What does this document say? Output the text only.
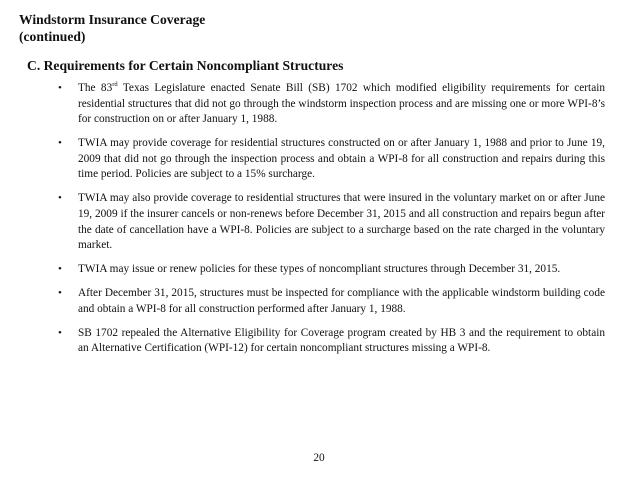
Windstorm Insurance Coverage
(continued)
C. Requirements for Certain Noncompliant Structures
• The 83rd Texas Legislature enacted Senate Bill (SB) 1702 which modified eligibility requirements for certain residential structures that did not go through the windstorm inspection process and are missing one or more WPI-8’s for construction on or after January 1, 1988.
• TWIA may provide coverage for residential structures constructed on or after January 1, 1988 and prior to June 19, 2009 that did not go through the inspection process and obtain a WPI-8 for all construction and repairs during this time period. Policies are subject to a 15% surcharge.
• TWIA may also provide coverage to residential structures that were insured in the voluntary market on or after June 19, 2009 if the insurer cancels or non-renews before December 31, 2015 and all construction and repairs begun after the date of cancellation have a WPI-8. Policies are subject to a surcharge based on the rate charged in the voluntary market.
• TWIA may issue or renew policies for these types of noncompliant structures through December 31, 2015.
• After December 31, 2015, structures must be inspected for compliance with the applicable windstorm building code and obtain a WPI-8 for all construction performed after January 1, 1988.
• SB 1702 repealed the Alternative Eligibility for Coverage program created by HB 3 and the requirement to obtain an Alternative Certification (WPI-12) for certain noncompliant structures missing a WPI-8.
20
